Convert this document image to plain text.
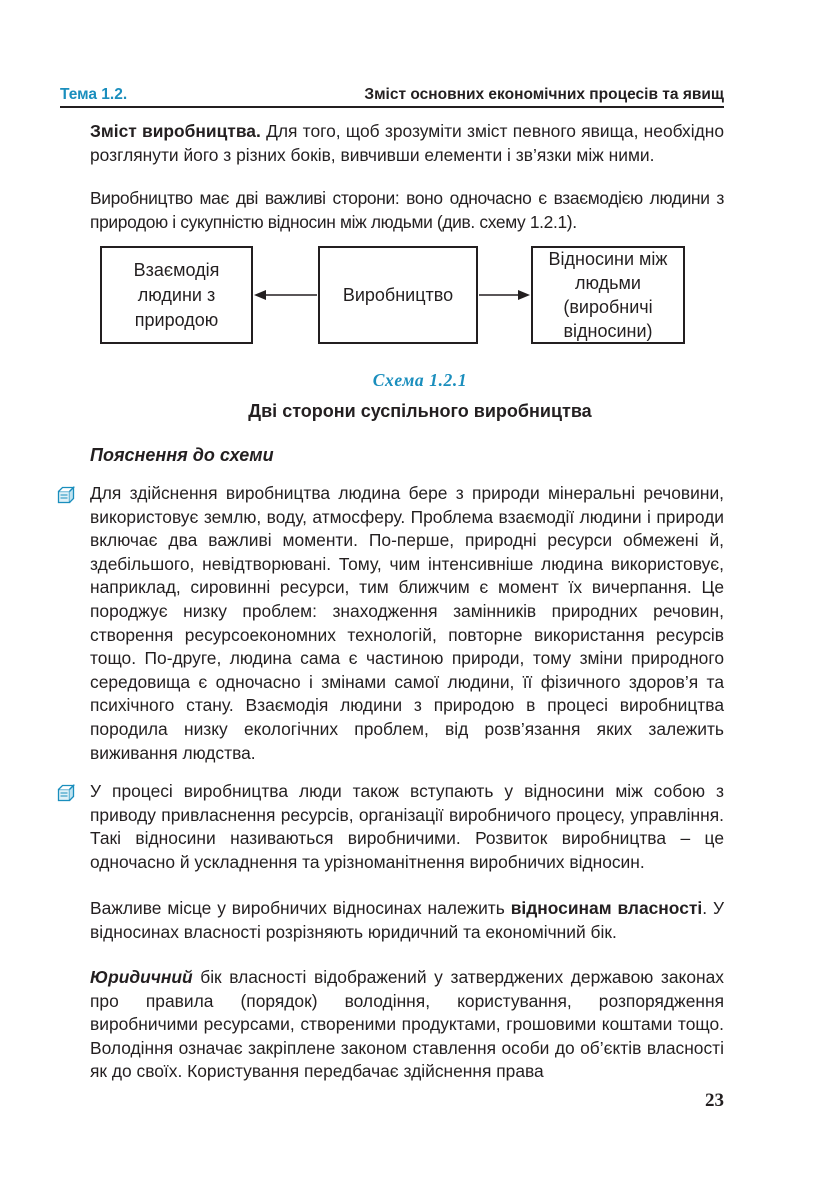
Тема 1.2.	Зміст основних економічних процесів та явищ
Зміст виробництва. Для того, щоб зрозуміти зміст певного явища, необхідно розглянути його з різних боків, вивчивши елементи і зв’язки між ними.
Виробництво має дві важливі сторони: воно одночасно є взаємодією людини з природою і сукупністю відносин між людьми (див. схему 1.2.1).
Взаємодія людини з природою
Виробництво
Відносини між людьми (виробничі відносини)
Схема 1.2.1
Дві сторони суспільного виробництва
Пояснення до схеми
Для здійснення виробництва людина бере з природи мінеральні речовини, використовує землю, воду, атмосферу. Проблема взаємодії людини і природи включає два важливі моменти. По-перше, природні ресурси обмежені й, здебільшого, невідтворювані. Тому, чим інтенсивніше людина використовує, наприклад, сировинні ресурси, тим ближчим є момент їх вичерпання. Це породжує низку проблем: знаходження замінників природних речовин, створення ресурсоекономних технологій, повторне використання ресурсів тощо. По-друге, людина сама є частиною природи, тому зміни природного середовища є одночасно і змінами самої людини, її фізичного здоров’я та психічного стану. Взаємодія людини з природою в процесі виробництва породила низку екологічних проблем, від розв’язання яких залежить виживання людства.
У процесі виробництва люди також вступають у відносини між собою з приводу привласнення ресурсів, організації виробничого процесу, управління. Такі відносини називаються виробничими. Розвиток виробництва – це одночасно й ускладнення та урізноманітнення виробничих відносин.
Важливе місце у виробничих відносинах належить відносинам власності. У відносинах власності розрізняють юридичний та економічний бік.
Юридичний бік власності відображений у затверджених державою законах про правила (порядок) володіння, користування, розпорядження виробничими ресурсами, створеними продуктами, грошовими коштами тощо. Володіння означає закріплене законом ставлення особи до об’єктів власності як до своїх. Користування передбачає здійснення права
23
